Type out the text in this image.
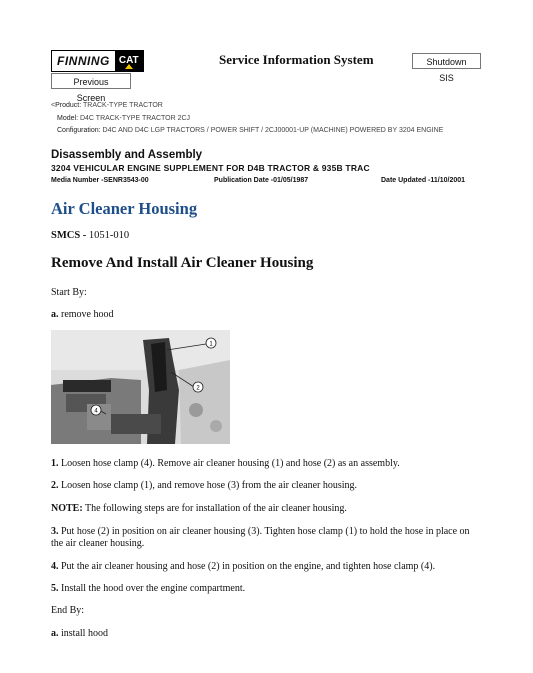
FINNING CAT	Service Information System	Shutdown SIS
Previous Screen
<Product: TRACK-TYPE TRACTOR
Model: D4C TRACK-TYPE TRACTOR 2CJ
Configuration: D4C AND D4C LGP TRACTORS / POWER SHIFT / 2CJ00001-UP (MACHINE) POWERED BY 3204 ENGINE
Disassembly and Assembly
3204 VEHICULAR ENGINE SUPPLEMENT FOR D4B TRACTOR & 935B TRAC
Media Number -SENR3543-00	Publication Date -01/05/1987	Date Updated -11/10/2001
Air Cleaner Housing
SMCS - 1051-010
Remove And Install Air Cleaner Housing
Start By:
a. remove hood
1
2
4
1. Loosen hose clamp (4). Remove air cleaner housing (1) and hose (2) as an assembly.
2. Loosen hose clamp (1), and remove hose (3) from the air cleaner housing.
NOTE: The following steps are for installation of the air cleaner housing.
3. Put hose (2) in position on air cleaner housing (3). Tighten hose clamp (1) to hold the hose in place on the air cleaner housing.
4. Put the air cleaner housing and hose (2) in position on the engine, and tighten hose clamp (4).
5. Install the hood over the engine compartment.
End By:
a. install hood
